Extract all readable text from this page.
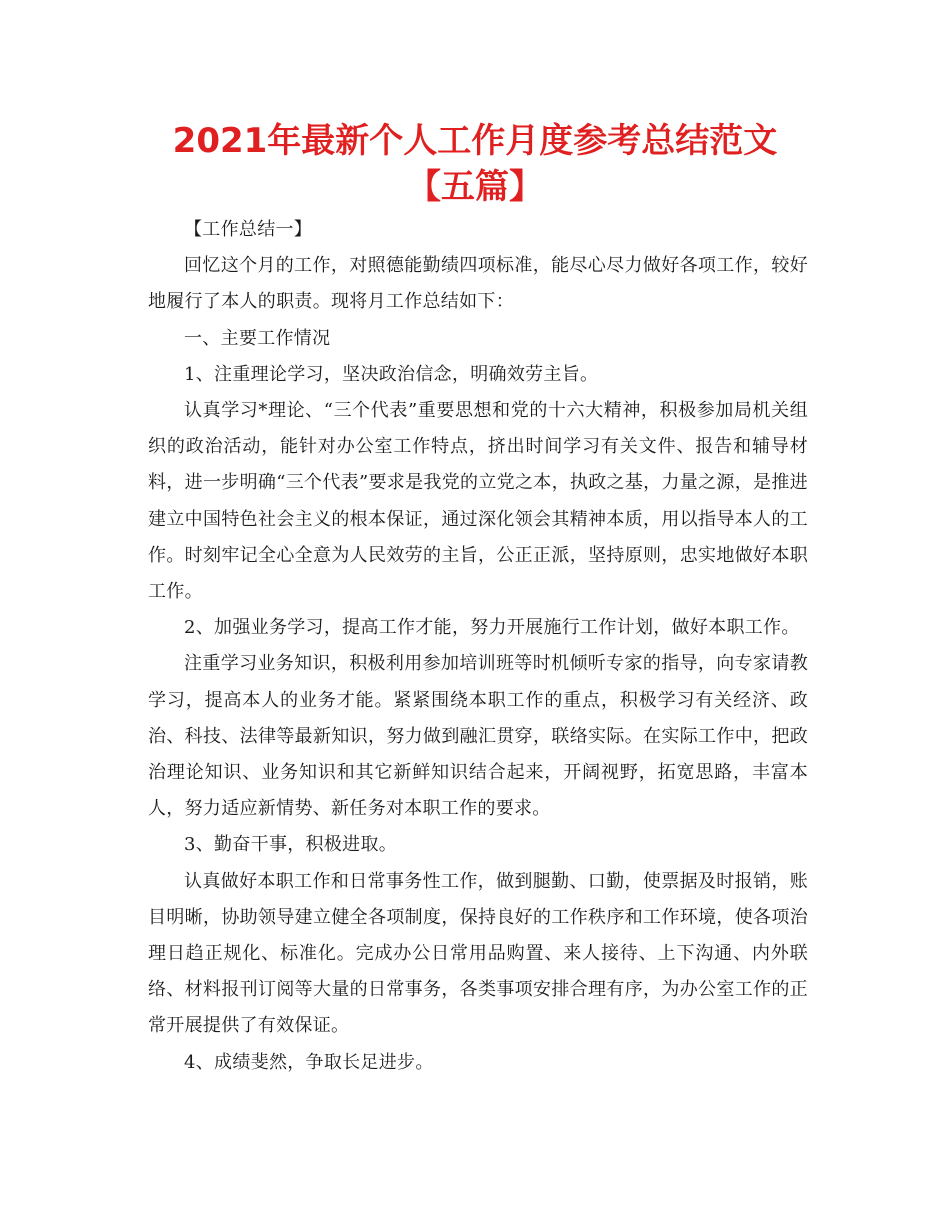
2021年最新个人工作月度参考总结范文【五篇】

【工作总结一】

回忆这个月的工作，对照德能勤绩四项标准，能尽心尽力做好各项工作，较好地履行了本人的职责。现将月工作总结如下：

一、主要工作情况

1、注重理论学习，坚决政治信念，明确效劳主旨。

认真学习*理论、“三个代表”重要思想和党的十六大精神，积极参加局机关组织的政治活动，能针对办公室工作特点，挤出时间学习有关文件、报告和辅导材料，进一步明确“三个代表”要求是我党的立党之本，执政之基，力量之源，是推进建立中国特色社会主义的根本保证，通过深化领会其精神本质，用以指导本人的工作。时刻牢记全心全意为人民效劳的主旨，公正正派，坚持原则，忠实地做好本职工作。

2、加强业务学习，提高工作才能，努力开展施行工作计划，做好本职工作。

注重学习业务知识，积极利用参加培训班等时机倾听专家的指导，向专家请教学习，提高本人的业务才能。紧紧围绕本职工作的重点，积极学习有关经济、政治、科技、法律等最新知识，努力做到融汇贯穿，联络实际。在实际工作中，把政治理论知识、业务知识和其它新鲜知识结合起来，开阔视野，拓宽思路，丰富本人，努力适应新情势、新任务对本职工作的要求。

3、勤奋干事，积极进取。

认真做好本职工作和日常事务性工作，做到腿勤、口勤，使票据及时报销，账目明晰，协助领导建立健全各项制度，保持良好的工作秩序和工作环境，使各项治理日趋正规化、标准化。完成办公日常用品购置、来人接待、上下沟通、内外联络、材料报刊订阅等大量的日常事务，各类事项安排合理有序，为办公室工作的正常开展提供了有效保证。

4、成绩斐然，争取长足进步。
